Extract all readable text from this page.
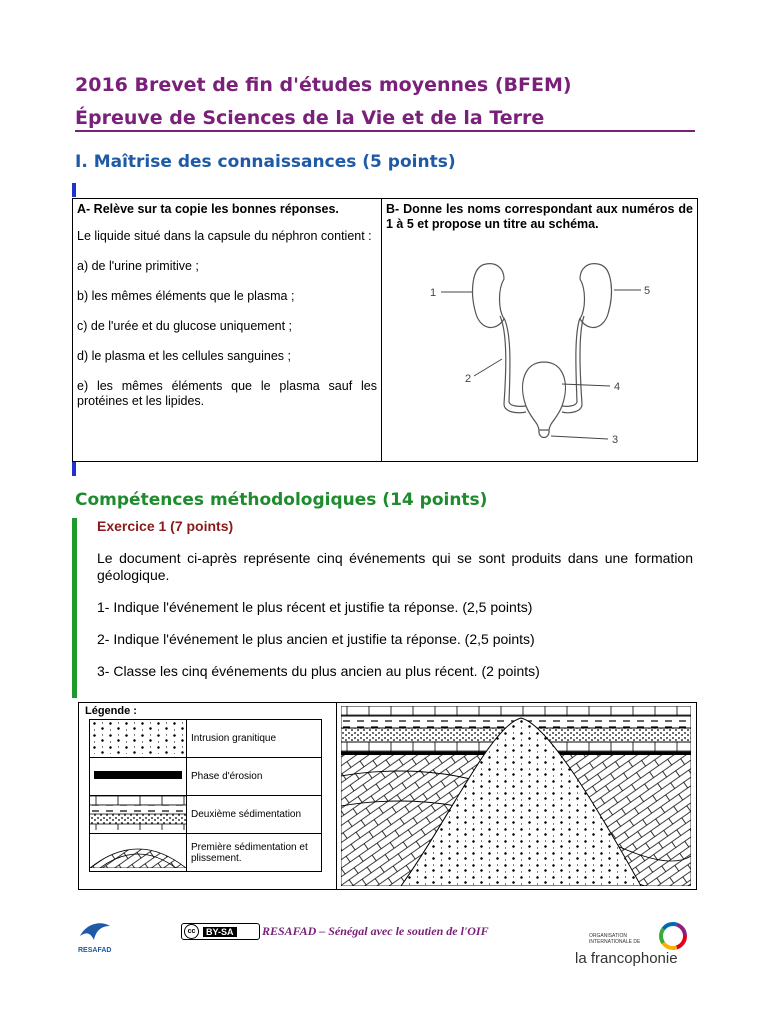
2016 Brevet de fin d'études moyennes (BFEM)
Épreuve de Sciences de la Vie et de la Terre
I. Maîtrise des connaissances (5 points)

A- Relève sur ta copie les bonnes réponses.

Le liquide situé dans la capsule du néphron contient :

a) de l'urine primitive ;

b) les mêmes éléments que le plasma ;

c) de l'urée et du glucose uniquement ;

d) le plasma et les cellules sanguines ;

e) les mêmes éléments que le plasma sauf les protéines et les lipides.

B- Donne les noms correspondant aux numéros de 1 à 5 et propose un titre au schéma.
1
2
3
4
5
Compétences méthodologiques (14 points)
Exercice 1 (7 points)

Le document ci-après représente cinq événements qui se sont produits dans une formation géologique.

1- Indique l'événement le plus récent et justifie ta réponse. (2,5 points)

2- Indique l'événement le plus ancien et justifie ta réponse. (2,5 points)

3- Classe les cinq événements du plus ancien au plus récent. (2 points)

Légende :
	Intrusion granitique
	Phase d'érosion
	Deuxième sédimentation
	Première sédimentation et plissement.
RESAFAD
cc	BY-SA RESAFAD – Sénégal avec le soutien de l'OIF	ORGANISATION INTERNATIONALE DE
la francophonie
